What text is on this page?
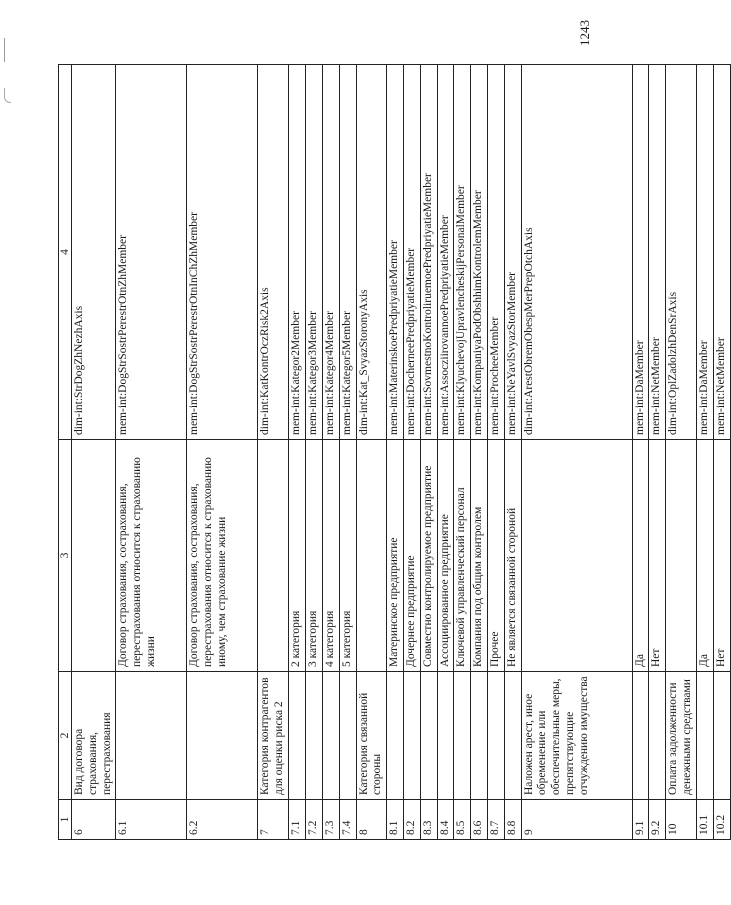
1243
1	2	3	4
6	Вид договора страхования, перестрахования		dim-int:StrDogZhNezhAxis
6.1		Договор страхования, сострахования, перестрахования относится к страхованию жизни	mem-int:DogStrSostrPerestrOtnZhMember
6.2		Договор страхования, сострахования, перестрахования относится к страхованию иному, чем страхование жизни	mem-int:DogStrSostrPerestrOtnInChZhMember
7	Категория контрагентов для оценки риска 2		dim-int:KatKontrOczRisk2Axis
7.1		2 категория	mem-int:Kategor2Member
7.2		3 категория	mem-int:Kategor3Member
7.3		4 категория	mem-int:Kategor4Member
7.4		5 категория	mem-int:Kategor5Member
8	Категория связанной стороны		dim-int:Kat_SvyazStoronyAxis
8.1		Материнское предприятие	mem-int:MaterinskoePredpriyatieMember
8.2		Дочернее предприятие	mem-int:DocherneePredpriyatieMember
8.3		Совместно контролируемое предприятие	mem-int:SovmestnoKontroliruemoePredpriyatieMember
8.4		Ассоциированное предприятие	mem-int:AssocziirovannoePredpriyatieMember
8.5		Ключевой управленческий персонал	mem-int:KlyuchevojUpravlencheskijPersonalMember
8.6		Компания под общим контролем	mem-int:KompaniyaPodObshhimKontrolemMember
8.7		Прочее	mem-int:ProcheeMember
8.8		Не является связанной стороной	mem-int:NeYavlSvyazStorMember
9	Наложен арест, иное обременение или обеспечительные меры, препятствующие отчуждению имущества		dim-int:ArestObremObespMerPrepOtchAxis
9.1		Да	mem-int:DaMember
9.2		Нет	mem-int:NetMember
10	Оплата задолженности денежными средствами		dim-int:OplZadolzhDenSrAxis
10.1		Да	mem-int:DaMember
10.2		Нет	mem-int:NetMember
